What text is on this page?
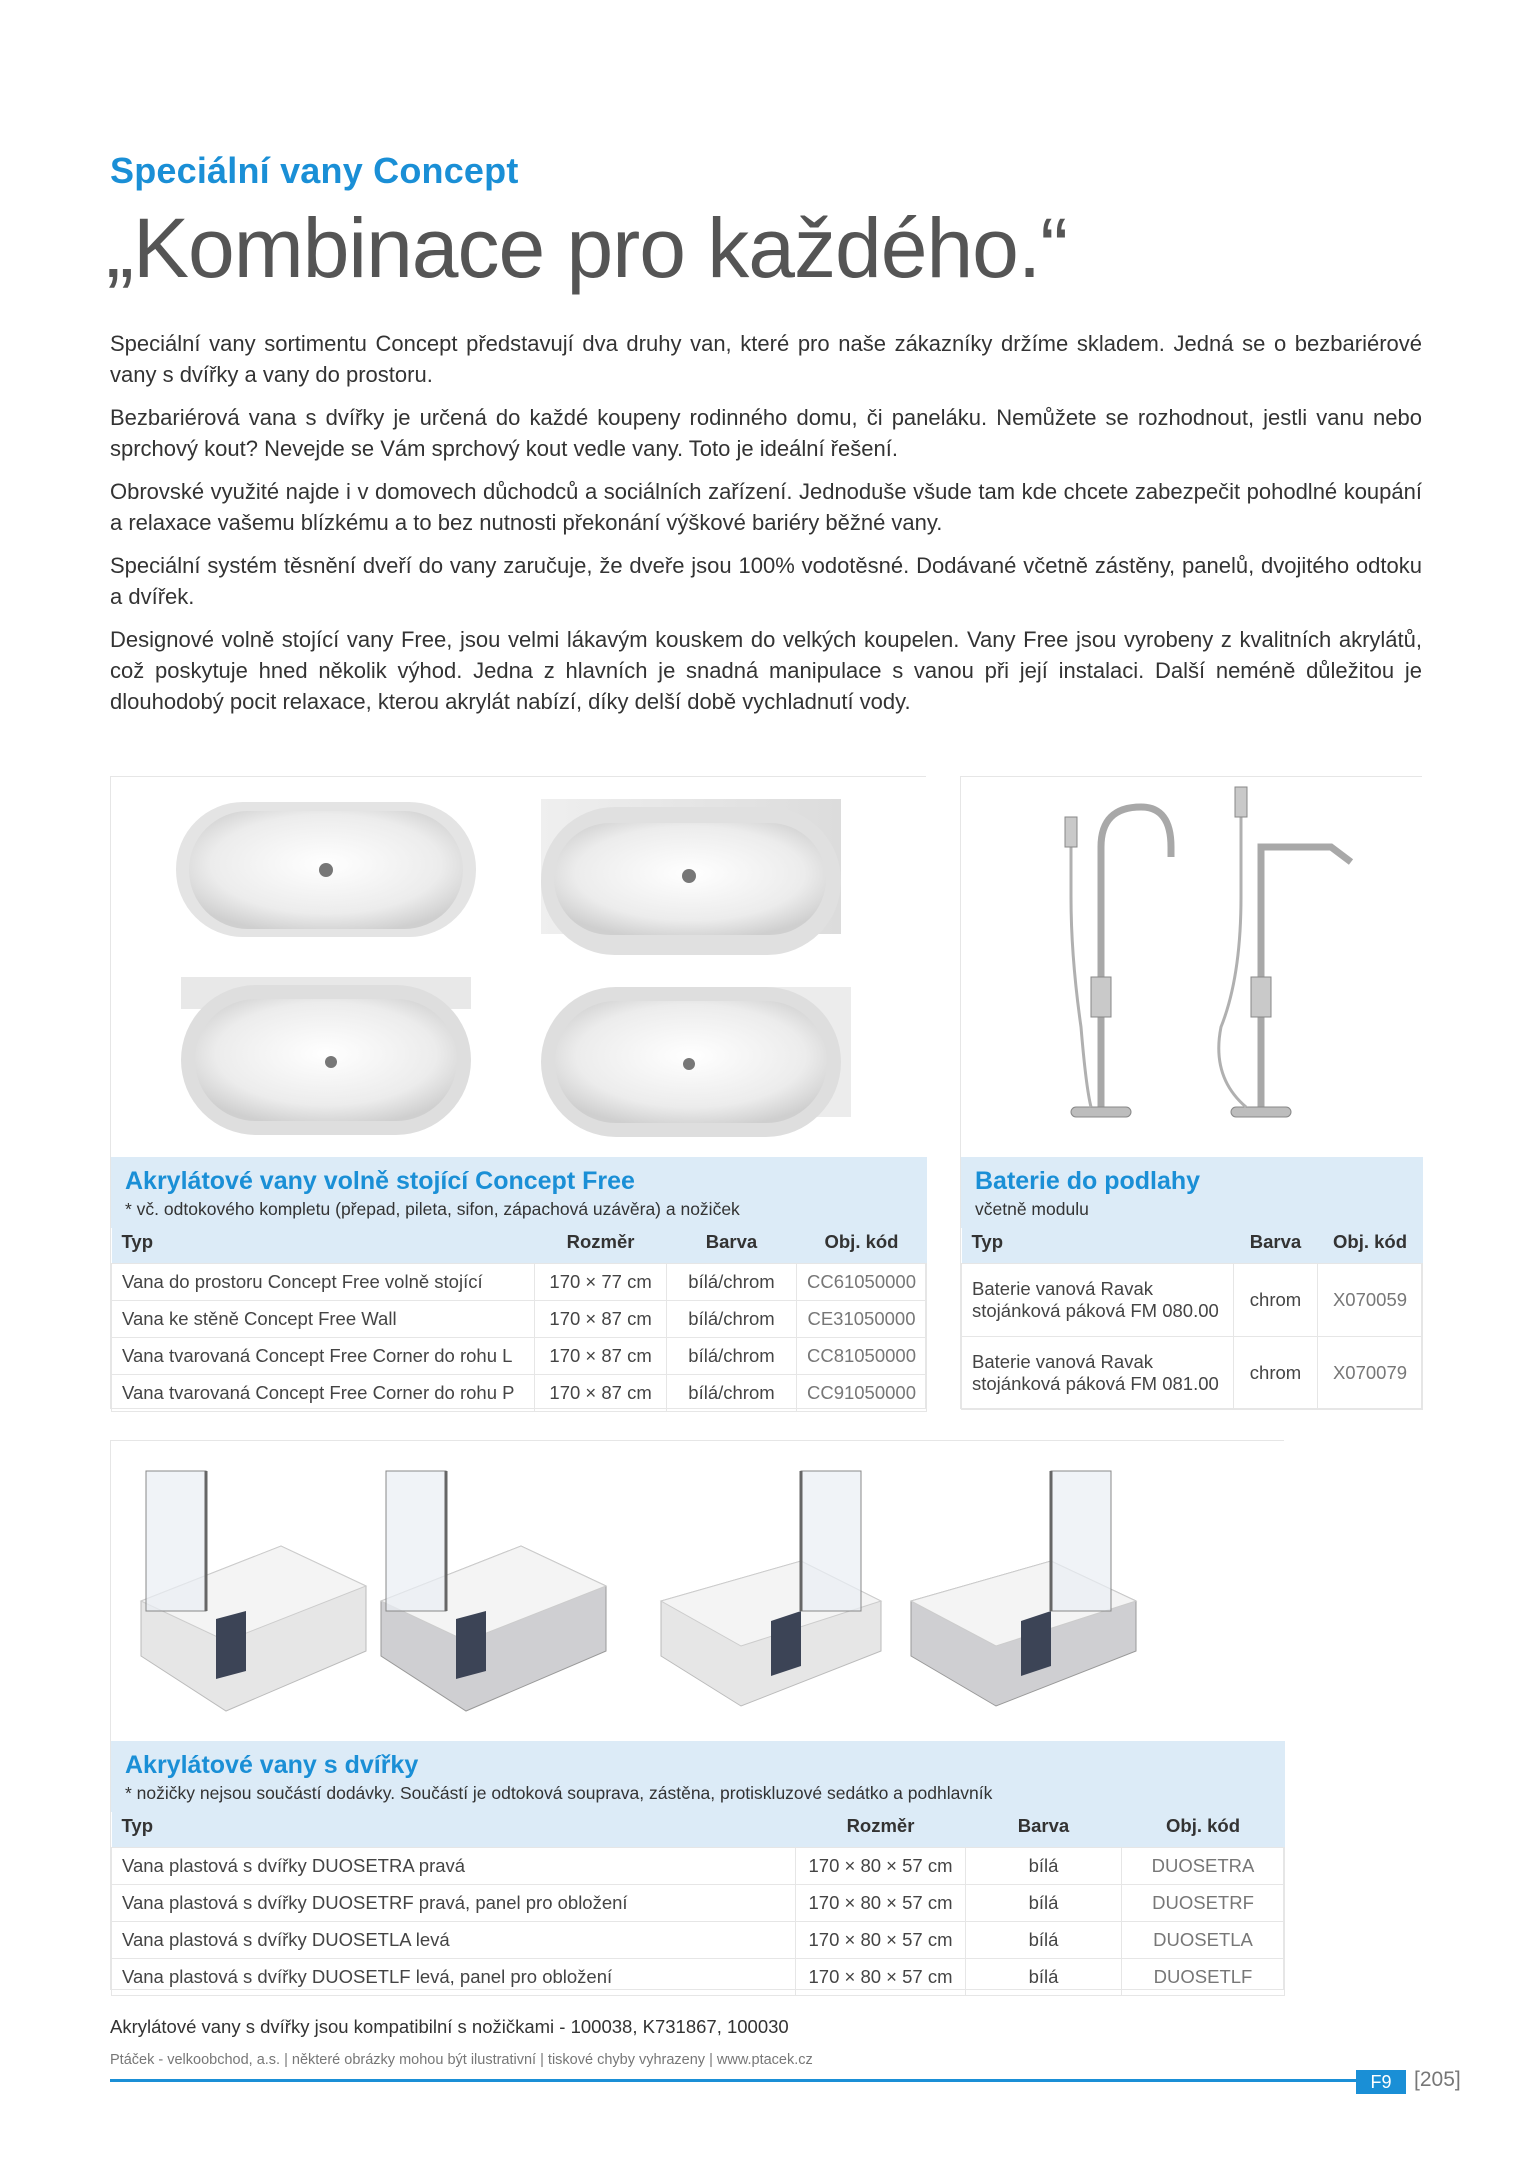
Speciální vany Concept
„Kombinace pro každého.“

Speciální vany sortimentu Concept představují dva druhy van, které pro naše zákazníky držíme skladem. Jedná se o bezbariérové vany s dvířky a vany do prostoru.

Bezbariérová vana s dvířky je určená do každé koupeny rodinného domu, či paneláku. Nemůžete se rozhodnout, jestli vanu nebo sprchový kout? Nevejde se Vám sprchový kout vedle vany. Toto je ideální řešení.

Obrovské využité najde i v domovech důchodců a sociálních zařízení. Jednoduše všude tam kde chcete zabezpečit pohodlné koupání a relaxace vašemu blízkému a to bez nutnosti překonání výškové bariéry běžné vany.

Speciální systém těsnění dveří do vany zaručuje, že dveře jsou 100% vodotěsné. Dodávané včetně zástěny, panelů, dvojitého odtoku a dvířek.

Designové volně stojící vany Free, jsou velmi lákavým kouskem do velkých koupelen. Vany Free jsou vyrobeny z kvalitních akrylátů, což poskytuje hned několik výhod. Jedna z hlavních je snadná manipulace s vanou při její instalaci. Další neméně důležitou je dlouhodobý pocit relaxace, kterou akrylát nabízí, díky delší době vychladnutí vody.

Akrylátové vany volně stojící Concept Free
* vč. odtokového kompletu (přepad, pileta, sifon, zápachová uzávěra) a nožiček
Typ	Rozměr	Barva	Obj. kód
Vana do prostoru Concept Free volně stojící	170 × 77 cm	bílá/chrom	CC61050000
Vana ke stěně Concept Free Wall	170 × 87 cm	bílá/chrom	CE31050000
Vana tvarovaná Concept Free Corner do rohu L	170 × 87 cm	bílá/chrom	CC81050000
Vana tvarovaná Concept Free Corner do rohu P	170 × 87 cm	bílá/chrom	CC91050000
Baterie do podlahy
včetně modulu
Typ	Barva	Obj. kód
Baterie vanová Ravak stojánková páková FM 080.00	chrom	X070059
Baterie vanová Ravak stojánková páková FM 081.00	chrom	X070079
Akrylátové vany s dvířky
* nožičky nejsou součástí dodávky. Součástí je odtoková souprava, zástěna, protiskluzové sedátko a podhlavník
Typ	Rozměr	Barva	Obj. kód
Vana plastová s dvířky DUOSETRA pravá	170 × 80 × 57 cm	bílá	DUOSETRA
Vana plastová s dvířky DUOSETRF pravá, panel pro obložení	170 × 80 × 57 cm	bílá	DUOSETRF
Vana plastová s dvířky DUOSETLA levá	170 × 80 × 57 cm	bílá	DUOSETLA
Vana plastová s dvířky DUOSETLF levá, panel pro obložení	170 × 80 × 57 cm	bílá	DUOSETLF
Akrylátové vany s dvířky jsou kompatibilní s nožičkami - 100038, K731867, 100030
Ptáček - velkoobchod, a.s. | některé obrázky mohou být ilustrativní | tiskové chyby vyhrazeny | www.ptacek.cz
F9	[205]
